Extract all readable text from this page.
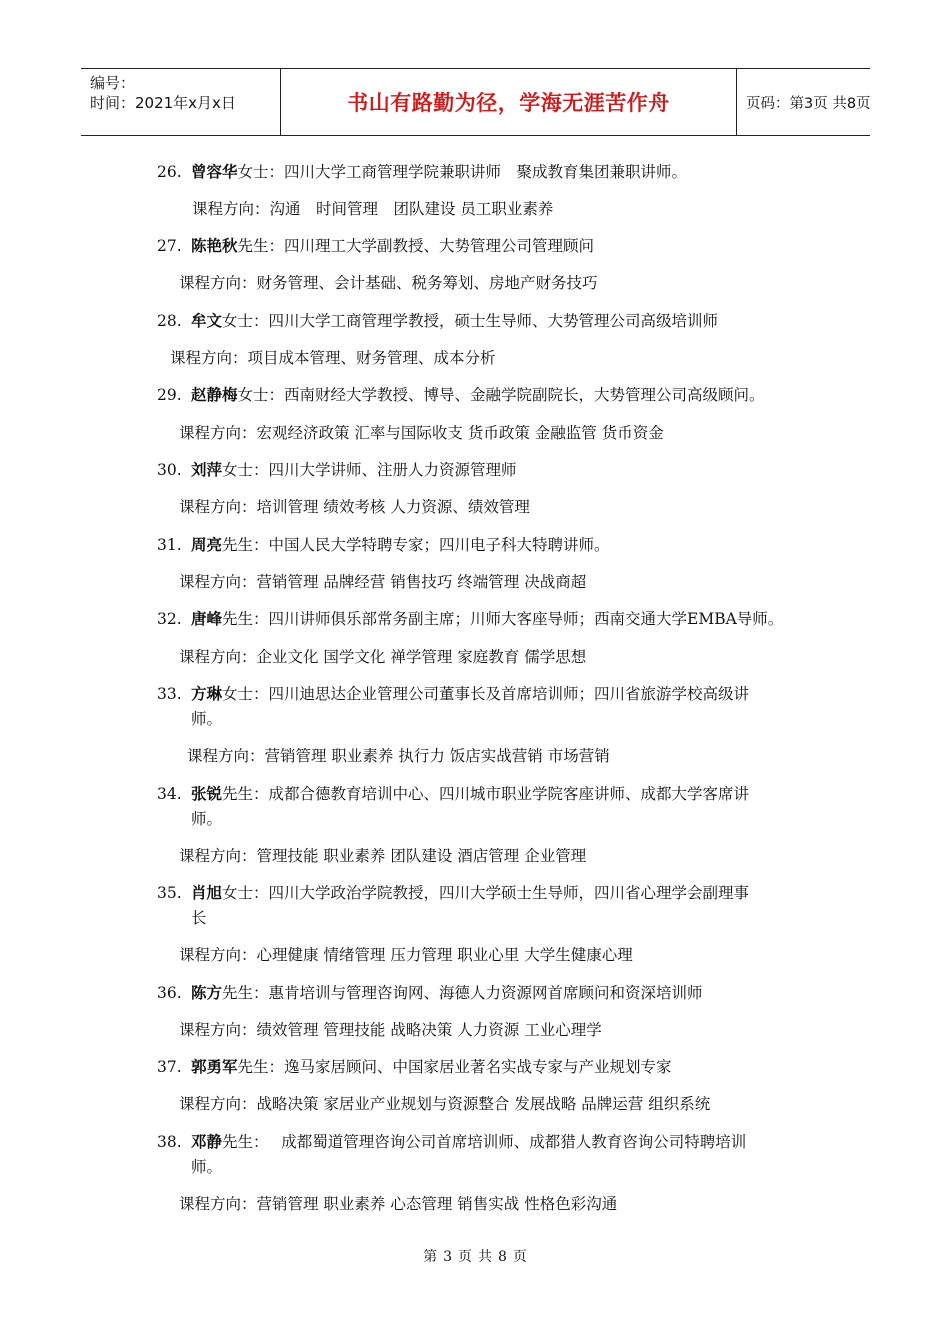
编号：
时间：2021年x月x日	书山有路勤为径，学海无涯苦作舟	页码：第3页 共8页
26. 曾容华女士：四川大学工商管理学院兼职讲师　聚成教育集团兼职讲师。
课程方向：沟通　时间管理　团队建设 员工职业素养
27. 陈艳秋先生：四川理工大学副教授、大势管理公司管理顾问
课程方向：财务管理、会计基础、税务筹划、房地产财务技巧
28. 牟文女士：四川大学工商管理学教授，硕士生导师、大势管理公司高级培训师
课程方向：项目成本管理、财务管理、成本分析
29. 赵静梅女士：西南财经大学教授、博导、金融学院副院长，大势管理公司高级顾问。
课程方向：宏观经济政策 汇率与国际收支 货币政策 金融监管 货币资金
30. 刘萍女士：四川大学讲师、注册人力资源管理师
课程方向：培训管理 绩效考核 人力资源、绩效管理
31. 周亮先生：中国人民大学特聘专家；四川电子科大特聘讲师。
课程方向：营销管理 品牌经营 销售技巧 终端管理 决战商超
32. 唐峰先生：四川讲师俱乐部常务副主席；川师大客座导师；西南交通大学EMBA导师。
课程方向：企业文化 国学文化 禅学管理 家庭教育 儒学思想
33. 方琳女士：四川迪思达企业管理公司董事长及首席培训师；四川省旅游学校高级讲
师。
课程方向：营销管理 职业素养 执行力 饭店实战营销 市场营销
34. 张锐先生：成都合德教育培训中心、四川城市职业学院客座讲师、成都大学客席讲
师。
课程方向：管理技能 职业素养 团队建设 酒店管理 企业管理
35. 肖旭女士：四川大学政治学院教授，四川大学硕士生导师，四川省心理学会副理事
长
课程方向：心理健康 情绪管理 压力管理 职业心里 大学生健康心理
36. 陈方先生：惠肯培训与管理咨询网、海德人力资源网首席顾问和资深培训师
课程方向：绩效管理 管理技能 战略决策 人力资源 工业心理学
37. 郭勇军先生：逸马家居顾问、中国家居业著名实战专家与产业规划专家
课程方向：战略决策 家居业产业规划与资源整合 发展战略 品牌运营 组织系统
38. 邓静先生：　 成都蜀道管理咨询公司首席培训师、成都猎人教育咨询公司特聘培训
师。
课程方向：营销管理 职业素养 心态管理 销售实战 性格色彩沟通
第 3 页 共 8 页
